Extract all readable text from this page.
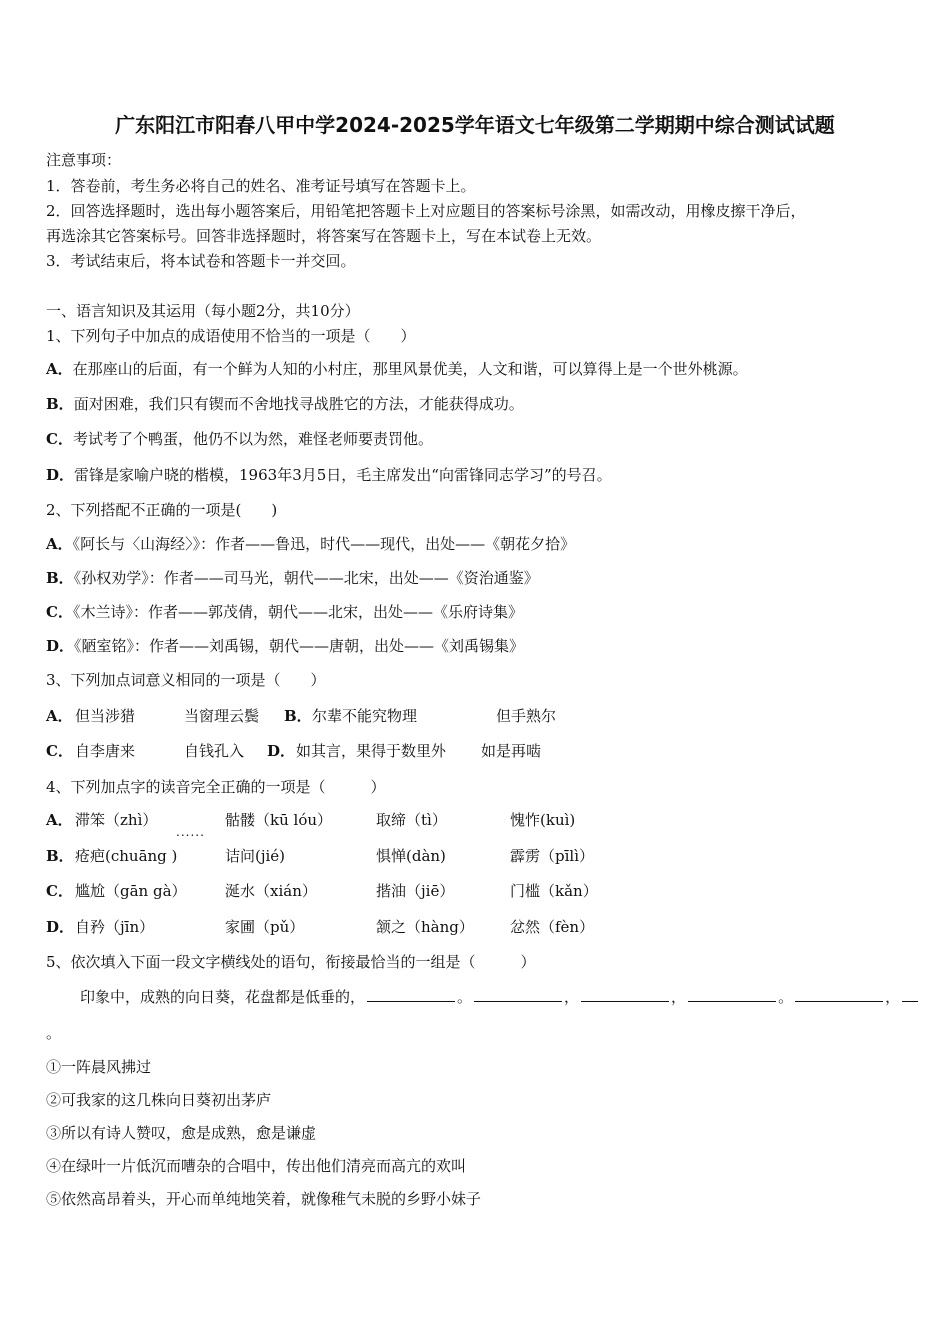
广东阳江市阳春八甲中学2024-2025学年语文七年级第二学期期中综合测试试题
注意事项：
1．答卷前，考生务必将自己的姓名、准考证号填写在答题卡上。
2．回答选择题时，选出每小题答案后，用铅笔把答题卡上对应题目的答案标号涂黑，如需改动，用橡皮擦干净后，
再选涂其它答案标号。回答非选择题时，将答案写在答题卡上，写在本试卷上无效。
3．考试结束后，将本试卷和答题卡一并交回。
一、语言知识及其运用（每小题2分，共10分）
1、下列句子中加点的成语使用不恰当的一项是（　　）
A．在那座山的后面，有一个鲜为人知的小村庄，那里风景优美，人文和谐，可以算得上是一个世外桃源。
B．面对困难，我们只有锲而不舍地找寻战胜它的方法，才能获得成功。
C．考试考了个鸭蛋，他仍不以为然，难怪老师要责罚他。
D．雷锋是家喻户晓的楷模，1963年3月5日，毛主席发出“向雷锋同志学习”的号召。
2、下列搭配不正确的一项是(　　)
A．《阿长与〈山海经〉》：作者——鲁迅，时代——现代，出处——《朝花夕拾》
B．《孙权劝学》：作者——司马光，朝代——北宋，出处——《资治通鉴》
C．《木兰诗》：作者——郭茂倩，朝代——北宋，出处——《乐府诗集》
D．《陋室铭》：作者——刘禹锡，朝代——唐朝，出处——《刘禹锡集》
3、下列加点词意义相同的一项是（　　）
A． 但当涉猎	当窗理云鬓 B． 尔辈不能究物理	但手熟尔
C． 自李唐来	自钱孔入 D． 如其言，果得于数里外 如是再啮
4、下列加点字的读音完全正确的一项是（　　　）
......
A． 滞笨（zhì）	骷髅（kū lóu）	取缔（tì）	愧怍(kuì)
B． 疮疤(chuāng )	诘问(jié)	惧惮(dàn)	霹雳（pīlì）
C． 尴尬（gān gà）	涎水（xián）	揩油（jiē）	门槛（kǎn）
D． 自矜（jīn）	家圃（pǔ）	颔之（hàng） 忿然（fèn）
5、依次填入下面一段文字横线处的语句，衔接最恰当的一组是（　　　）
印象中，成熟的向日葵，花盘都是低垂的，	。	，	，	。	，
。
①一阵晨风拂过
②可我家的这几株向日葵初出茅庐
③所以有诗人赞叹，愈是成熟，愈是谦虚
④在绿叶一片低沉而嘈杂的合唱中，传出他们清亮而高亢的欢叫
⑤依然高昂着头，开心而单纯地笑着，就像稚气未脱的乡野小妹子
